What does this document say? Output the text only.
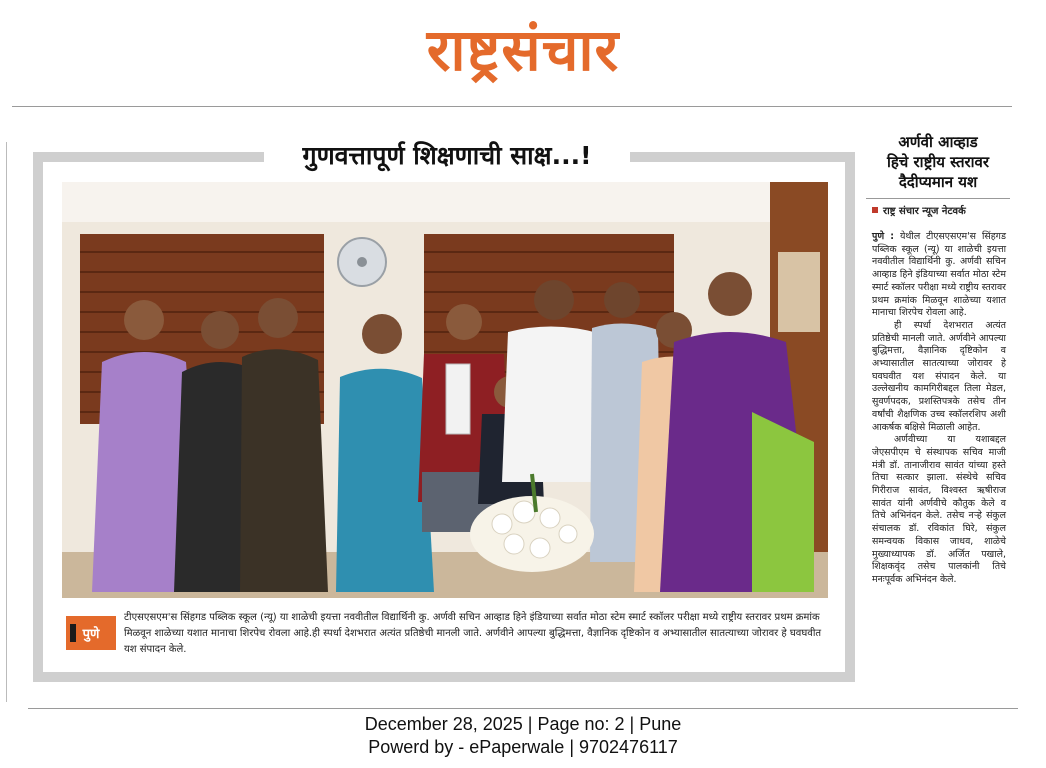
राष्ट्रसंचार
गुणवत्तापूर्ण शिक्षणाची साक्ष...!
पुणे
टीएसएसएम'स सिंहगड पब्लिक स्कूल (न्यू) या शाळेची इयत्ता नववीतील विद्यार्थिनी कु. अर्णवी सचिन आव्हाड हिने इंडियाच्या सर्वात मोठा स्टेम स्मार्ट स्कॉलर परीक्षा मध्ये राष्ट्रीय स्तरावर प्रथम क्रमांक मिळवून शाळेच्या यशात मानाचा शिरपेच रोवला आहे.ही स्पर्धा देशभरात अत्यंत प्रतिष्ठेची मानली जाते. अर्णवीने आपल्या बुद्धिमत्ता, वैज्ञानिक दृष्टिकोन व अभ्यासातील सातत्याच्या जोरावर हे घवघवीत यश संपादन केले.
अर्णवी आव्हाड
हिचे राष्ट्रीय स्तरावर
दैदीप्यमान यश
राष्ट्र संचार न्यूज नेटवर्क

पुणे : येथील टीएसएसएम'स सिंहगड पब्लिक स्कूल (न्यू) या शाळेची इयत्ता नववीतील विद्यार्थिनी कु. अर्णवी सचिन आव्हाड हिने इंडियाच्या सर्वात मोठा स्टेम स्मार्ट स्कॉलर परीक्षा मध्ये राष्ट्रीय स्तरावर प्रथम क्रमांक मिळवून शाळेच्या यशात मानाचा शिरपेच रोवला आहे.

ही स्पर्धा देशभरात अत्यंत प्रतिष्ठेची मानली जाते. अर्णवीने आपल्या बुद्धिमत्ता, वैज्ञानिक दृष्टिकोन व अभ्यासातील सातत्याच्या जोरावर हे घवघवीत यश संपादन केले. या उल्लेखनीय कामगिरीबद्दल तिला मेडल, सुवर्णपदक, प्रशस्तिपत्रके तसेच तीन वर्षांची शैक्षणिक उच्च स्कॉलरशिप अशी आकर्षक बक्षिसे मिळाली आहेत.

अर्णवीच्या या यशाबद्दल जेएसपीएम चे संस्थापक सचिव माजी मंत्री डॉ. तानाजीराव सावंत यांच्या हस्ते तिचा सत्कार झाला. संस्थेचे सचिव गिरीराज सावंत, विश्वस्त ऋषीराज सावंत यांनी अर्णवीचे कौतुक केले व तिचे अभिनंदन केले. तसेच नऱ्हे संकुल संचालक डॉ. रविकांत घिरे, संकुल समन्वयक विकास जाधव, शाळेचे मुख्याध्यापक डॉ. अर्जित पखाले, शिक्षकवृंद तसेच पालकांनी तिचे मनःपूर्वक अभिनंदन केले.

December 28, 2025 | Page no: 2 | Pune
Powerd by - ePaperwale | 9702476117
